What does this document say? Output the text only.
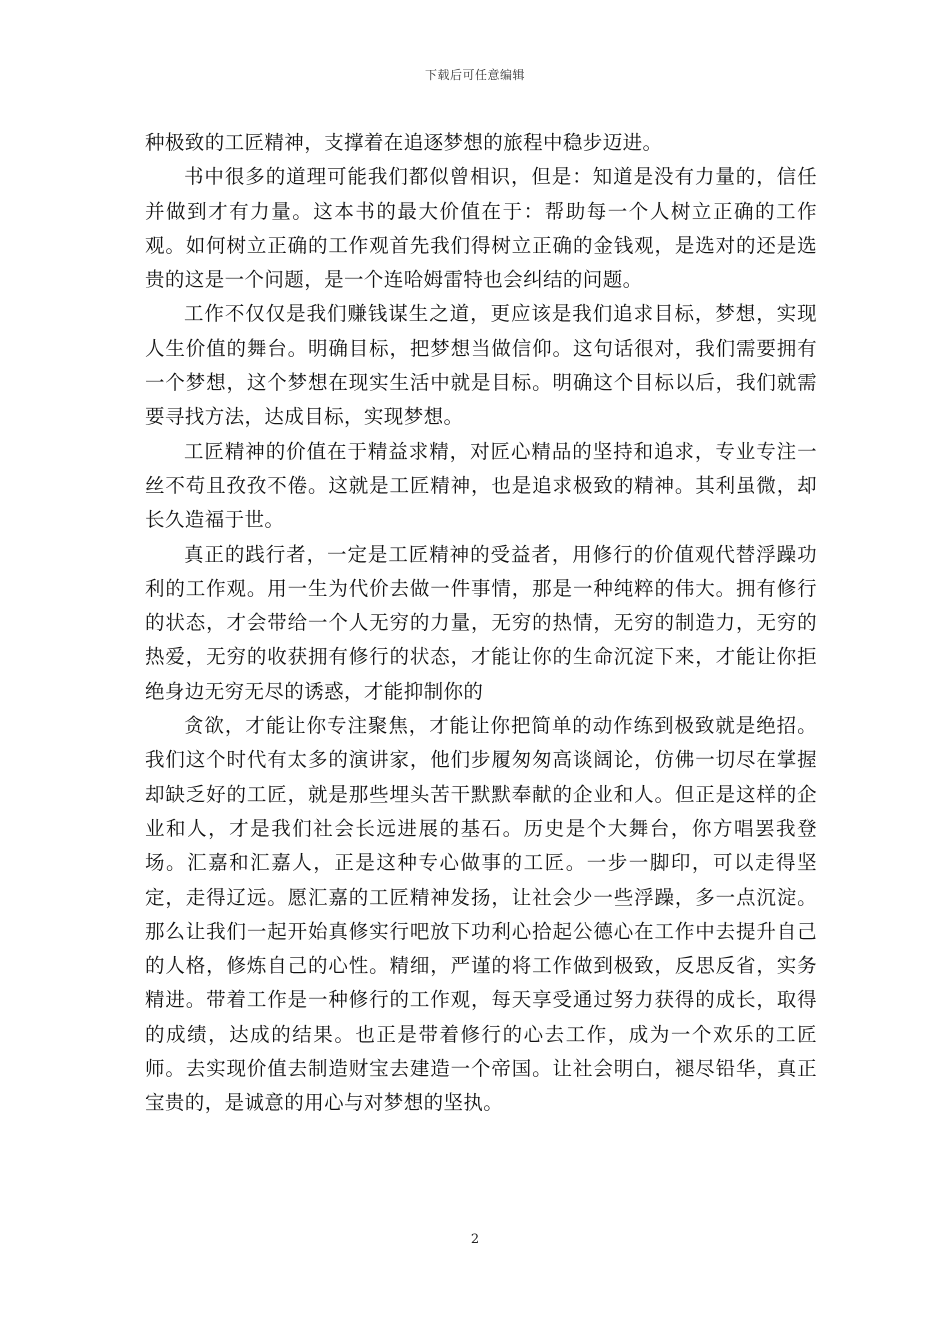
下载后可任意编辑

种极致的工匠精神，支撑着在追逐梦想的旅程中稳步迈进。

书中很多的道理可能我们都似曾相识，但是：知道是没有力量的，信任并做到才有力量。这本书的最大价值在于：帮助每一个人树立正确的工作观。如何树立正确的工作观首先我们得树立正确的金钱观，是选对的还是选贵的这是一个问题，是一个连哈姆雷特也会纠结的问题。

工作不仅仅是我们赚钱谋生之道，更应该是我们追求目标，梦想，实现人生价值的舞台。明确目标，把梦想当做信仰。这句话很对，我们需要拥有一个梦想，这个梦想在现实生活中就是目标。明确这个目标以后，我们就需要寻找方法，达成目标，实现梦想。

工匠精神的价值在于精益求精，对匠心精品的坚持和追求，专业专注一丝不苟且孜孜不倦。这就是工匠精神，也是追求极致的精神。其利虽微，却长久造福于世。

真正的践行者，一定是工匠精神的受益者，用修行的价值观代替浮躁功利的工作观。用一生为代价去做一件事情，那是一种纯粹的伟大。拥有修行的状态，才会带给一个人无穷的力量，无穷的热情，无穷的制造力，无穷的热爱，无穷的收获拥有修行的状态，才能让你的生命沉淀下来，才能让你拒绝身边无穷无尽的诱惑，才能抑制你的

贪欲，才能让你专注聚焦，才能让你把简单的动作练到极致就是绝招。我们这个时代有太多的演讲家，他们步履匆匆高谈阔论，仿佛一切尽在掌握却缺乏好的工匠，就是那些埋头苦干默默奉献的企业和人。但正是这样的企业和人，才是我们社会长远进展的基石。历史是个大舞台，你方唱罢我登场。汇嘉和汇嘉人，正是这种专心做事的工匠。一步一脚印，可以走得坚定，走得辽远。愿汇嘉的工匠精神发扬，让社会少一些浮躁，多一点沉淀。那么让我们一起开始真修实行吧放下功利心拾起公德心在工作中去提升自己的人格，修炼自己的心性。精细，严谨的将工作做到极致，反思反省，实务精进。带着工作是一种修行的工作观，每天享受通过努力获得的成长，取得的成绩，达成的结果。也正是带着修行的心去工作，成为一个欢乐的工匠师。去实现价值去制造财宝去建造一个帝国。让社会明白，褪尽铅华，真正宝贵的，是诚意的用心与对梦想的坚执。

2
